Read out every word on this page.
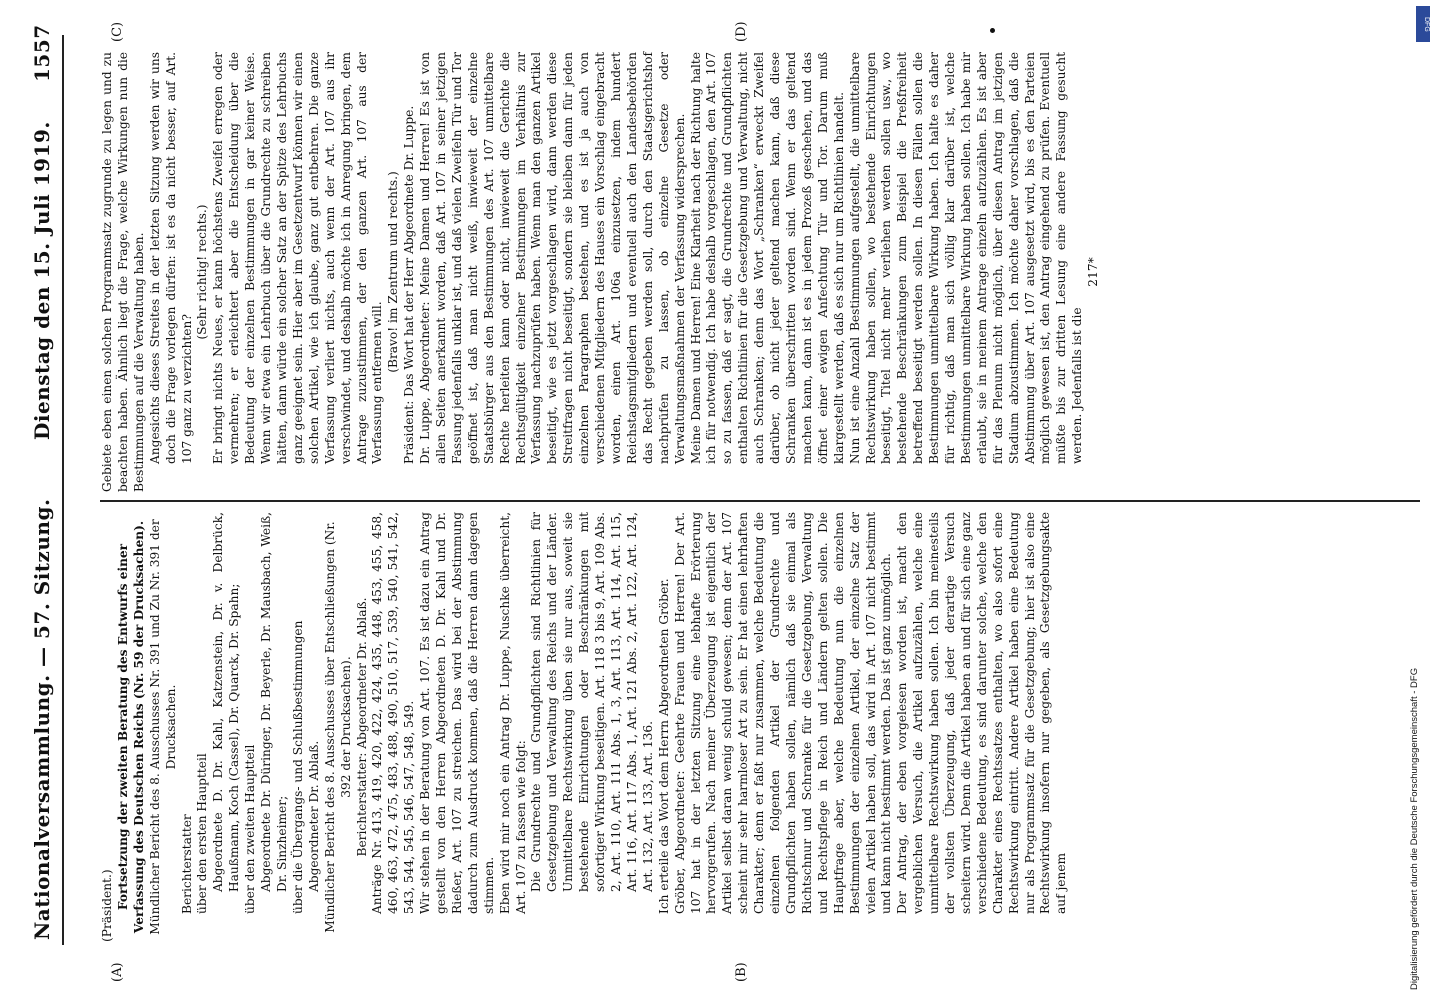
Nationalversammlung. — 57. Sitzung.
Dienstag den 15. Juli 1919.
1557
(A)	(B)
(C)	(D)

(Präsident.) Fortsetzung der zweiten Beratung des Entwurfs einer Verfassung des Deutschen Reichs (Nr. 59 der Drucksachen). Mündlicher Bericht des 8. Ausschusses Nr. 391 und Zu Nr. 391 der Drucksachen.

Berichterstatter über den ersten Hauptteil Abgeordnete D. Dr. Kahl, Katzenstein, Dr. v. Delbrück, Haußmann, Koch (Cassel), Dr. Quarck, Dr. Spahn; über den zweiten Hauptteil Abgeordnete Dr. Düringer, Dr. Beyerle, Dr. Mausbach, Weiß, Dr. Sinzheimer; über die Übergangs- und Schlußbestimmungen Abgeordneter Dr. Ablaß. Mündlicher Bericht des 8. Ausschusses über Entschließungen (Nr. 392 der Drucksachen). Berichterstatter: Abgeordneter Dr. Ablaß. Anträge Nr. 413, 419, 420, 422, 424, 435, 448, 453, 455, 458, 460, 463, 472, 475, 483, 488, 490, 510, 517, 539, 540, 541, 542, 543, 544, 545, 546, 547, 548, 549. Wir stehen in der Beratung von Art. 107. Es ist dazu ein Antrag gestellt von den Herren Abgeordneten D. Dr. Kahl und Dr. Rießer, Art. 107 zu streichen. Das wird bei der Abstimmung dadurch zum Ausdruck kommen, daß die Herren dann dagegen stimmen. Eben wird mir noch ein Antrag Dr. Luppe, Nuschke überreicht, Art. 107 zu fassen wie folgt: Die Grundrechte und Grundpflichten sind Richtlinien für Gesetzgebung und Verwaltung des Reichs und der Länder. Unmittelbare Rechtswirkung üben sie nur aus, soweit sie bestehende Einrichtungen oder Beschränkungen mit sofortiger Wirkung beseitigen. Art. 118 3 bis 9, Art. 109 Abs. 2, Art. 110, Art. 111 Abs. 1, 3, Art. 113, Art. 114, Art. 115, Art. 116, Art. 117 Abs. 1, Art. 121 Abs. 2, Art. 122, Art. 124, Art. 132, Art. 133, Art. 136. Ich erteile das Wort dem Herrn Abgeordneten Gröber. Gröber, Abgeordneter: Geehrte Frauen und Herren! Der Art. 107 hat in der letzten Sitzung eine lebhafte Erörterung hervorgerufen. Nach meiner Überzeugung ist eigentlich der Artikel selbst daran wenig schuld gewesen; denn der Art. 107 scheint mir sehr harmloser Art zu sein. Er hat einen lehrhaften Charakter; denn er faßt nur zusammen, welche Bedeutung die einzelnen folgenden Artikel der Grundrechte und Grundpflichten haben sollen, nämlich daß sie einmal als Richtschnur und Schranke für die Gesetzgebung, Verwaltung und Rechtspflege in Reich und Ländern gelten sollen. Die Hauptfrage aber, welche Bedeutung nun die einzelnen Bestimmungen der einzelnen Artikel, der einzelne Satz der vielen Artikel haben soll, das wird in Art. 107 nicht bestimmt und kann nicht bestimmt werden. Das ist ganz unmöglich. Der Antrag, der eben vorgelesen worden ist, macht den vergeblichen Versuch, die Artikel aufzuzählen, welche eine unmittelbare Rechtswirkung haben sollen. Ich bin meinesteils der vollsten Überzeugung, daß jeder derartige Versuch scheitern wird. Denn die Artikel haben an und für sich eine ganz verschiedene Bedeutung, es sind darunter solche, welche den Charakter eines Rechtssatzes enthalten, wo also sofort eine Rechtswirkung eintritt. Andere Artikel haben eine Bedeutung nur als Programmsatz für die Gesetzgebung; hier ist also eine Rechtswirkung insofern nur gegeben, als Gesetzgebungsakte auf jenem

Gebiete eben einen solchen Programmsatz zugrunde zu legen und zu beachten haben. Ähnlich liegt die Frage, welche Wirkungen nun die Bestimmungen auf die Verwaltung haben. Angesichts dieses Streites in der letzten Sitzung werden wir uns doch die Frage vorlegen dürfen: ist es da nicht besser, auf Art. 107 ganz zu verzichten?

(Sehr richtig! rechts.) Er bringt nichts Neues, er kann höchstens Zweifel erregen oder vermehren; er erleichtert aber die Entscheidung über die Bedeutung der einzelnen Bestimmungen in gar keiner Weise. Wenn wir etwa ein Lehrbuch über die Grundrechte zu schreiben hätten, dann würde ein solcher Satz an der Spitze des Lehrbuchs ganz geeignet sein. Hier aber im Gesetzentwurf können wir einen solchen Artikel, wie ich glaube, ganz gut entbehren. Die ganze Verfassung verliert nichts, auch wenn der Art. 107 aus ihr verschwindet, und deshalb möchte ich in Anregung bringen, dem Antrage zuzustimmen, der den ganzen Art. 107 aus der Verfassung entfernen will.

(Bravo! im Zentrum und rechts.) Präsident: Das Wort hat der Herr Abgeordnete Dr. Luppe. Dr. Luppe, Abgeordneter: Meine Damen und Herren! Es ist von allen Seiten anerkannt worden, daß Art. 107 in seiner jetzigen Fassung jedenfalls unklar ist, und daß vielen Zweifeln Tür und Tor geöffnet ist, daß man nicht weiß, inwieweit der einzelne Staatsbürger aus den Bestimmungen des Art. 107 unmittelbare Rechte herleiten kann oder nicht, inwieweit die Gerichte die Rechtsgültigkeit einzelner Bestimmungen im Verhältnis zur Verfassung nachzuprüfen haben. Wenn man den ganzen Artikel beseitigt, wie es jetzt vorgeschlagen wird, dann werden diese Streitfragen nicht beseitigt, sondern sie bleiben dann für jeden einzelnen Paragraphen bestehen, und es ist ja auch von verschiedenen Mitgliedern des Hauses ein Vorschlag eingebracht worden, einen Art. 106a einzusetzen, indem hundert Reichstagsmitgliedern und eventuell auch den Landesbehörden das Recht gegeben werden soll, durch den Staatsgerichtshof nachprüfen zu lassen, ob einzelne Gesetze oder Verwaltungsmaßnahmen der Verfassung widersprechen. Meine Damen und Herren! Eine Klarheit nach der Richtung halte ich für notwendig. Ich habe deshalb vorgeschlagen, den Art. 107 so zu fassen, daß er sagt, die Grundrechte und Grundpflichten enthalten Richtlinien für die Gesetzgebung und Verwaltung, nicht auch Schranken; denn das Wort „Schranken“ erweckt Zweifel darüber, ob nicht jeder geltend machen kann, daß diese Schranken überschritten worden sind. Wenn er das geltend machen kann, dann ist es in jedem Prozeß geschehen, und das öffnet einer ewigen Anfechtung Tür und Tor. Darum muß klargestellt werden, daß es sich nur um Richtlinien handelt. Nun ist eine Anzahl Bestimmungen aufgestellt, die unmittelbare Rechtswirkung haben sollen, wo bestehende Einrichtungen beseitigt, Titel nicht mehr verliehen werden sollen usw., wo bestehende Beschränkungen zum Beispiel die Preßfreiheit betreffend beseitigt werden sollen. In diesen Fällen sollen die Bestimmungen unmittelbare Wirkung haben. Ich halte es daher für richtig, daß man sich völlig klar darüber ist, welche Bestimmungen unmittelbare Wirkung haben sollen. Ich habe mir erlaubt, sie in meinem Antrage einzeln aufzuzählen. Es ist aber für das Plenum nicht möglich, über diesen Antrag im jetzigen Stadium abzustimmen. Ich möchte daher vorschlagen, daß die Abstimmung über Art. 107 ausgesetzt wird, bis es den Parteien möglich gewesen ist, den Antrag eingehend zu prüfen. Eventuell müßte bis zur dritten Lesung eine andere Fassung gesucht werden. Jedenfalls ist die

217*

Digitalisierung gefördert durch die Deutsche Forschungsgemeinschaft - DFG
DFG
